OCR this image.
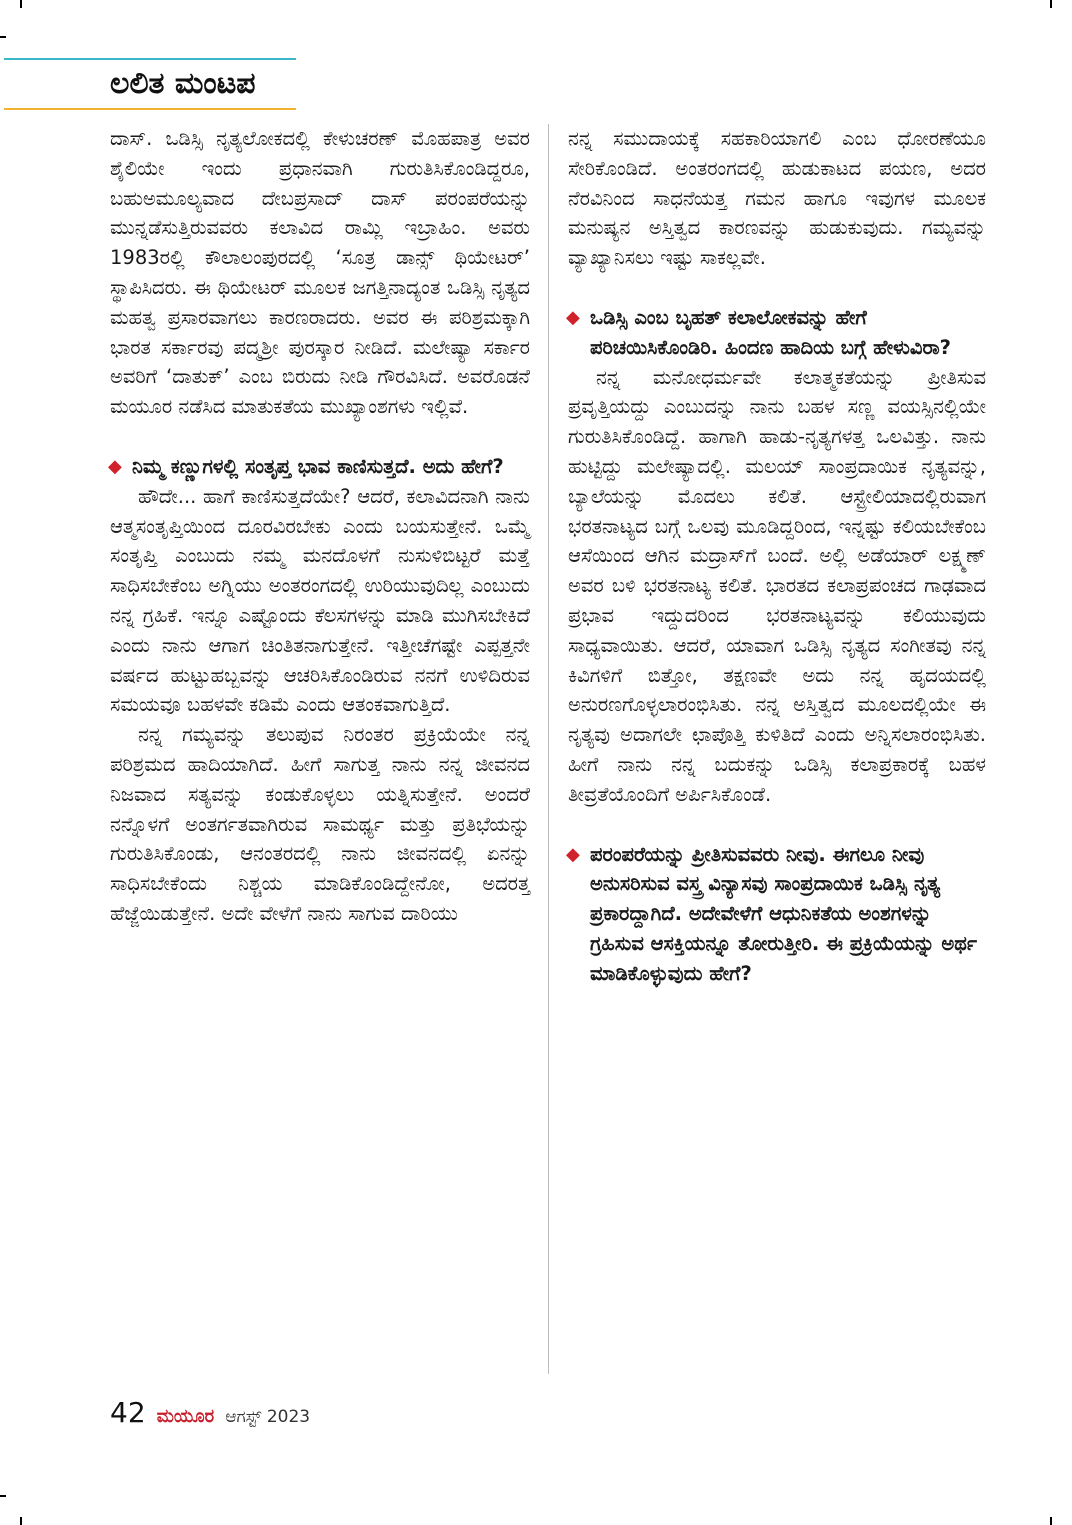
ಲಲಿತ ಮಂಟಪ

ದಾಸ್. ಒಡಿಸ್ಸಿ ನೃತ್ಯಲೋಕದಲ್ಲಿ ಕೇಳುಚರಣ್ ಮೊಹಪಾತ್ರ ಅವರ ಶೈಲಿಯೇ ಇಂದು ಪ್ರಧಾನವಾಗಿ ಗುರುತಿಸಿಕೊಂಡಿದ್ದರೂ, ಬಹುಅಮೂಲ್ಯವಾದ ದೇಬಪ್ರಸಾದ್ ದಾಸ್ ಪರಂಪರೆಯನ್ನು ಮುನ್ನಡೆಸುತ್ತಿರುವವರು ಕಲಾವಿದ ರಾಮ್ಲಿ ಇಬ್ರಾಹಿಂ. ಅವರು 1983ರಲ್ಲಿ ಕೌಲಾಲಂಪುರದಲ್ಲಿ ‘ಸೂತ್ರ ಡಾನ್ಸ್ ಥಿಯೇಟರ್’ ಸ್ಥಾಪಿಸಿದರು. ಈ ಥಿಯೇಟರ್ ಮೂಲಕ ಜಗತ್ತಿನಾದ್ಯಂತ ಒಡಿಸ್ಸಿ ನೃತ್ಯದ ಮಹತ್ವ ಪ್ರಸಾರವಾಗಲು ಕಾರಣರಾದರು. ಅವರ ಈ ಪರಿಶ್ರಮಕ್ಕಾಗಿ ಭಾರತ ಸರ್ಕಾರವು ಪದ್ಮಶ್ರೀ ಪುರಸ್ಕಾರ ನೀಡಿದೆ. ಮಲೇಷ್ಯಾ ಸರ್ಕಾರ ಅವರಿಗೆ ‘ದಾತುಕ್’ ಎಂಬ ಬಿರುದು ನೀಡಿ ಗೌರವಿಸಿದೆ. ಅವರೊಡನೆ ಮಯೂರ ನಡೆಸಿದ ಮಾತುಕತೆಯ ಮುಖ್ಯಾಂಶಗಳು ಇಲ್ಲಿವೆ.

◆ ನಿಮ್ಮ ಕಣ್ಣುಗಳಲ್ಲಿ ಸಂತೃಪ್ತ ಭಾವ ಕಾಣಿಸುತ್ತದೆ. ಅದು ಹೇಗೆ?

ಹೌದೇ... ಹಾಗೆ ಕಾಣಿಸುತ್ತದೆಯೇ? ಆದರೆ, ಕಲಾವಿದನಾಗಿ ನಾನು ಆತ್ಮಸಂತೃಪ್ತಿಯಿಂದ ದೂರವಿರಬೇಕು ಎಂದು ಬಯಸುತ್ತೇನೆ. ಒಮ್ಮೆ ಸಂತೃಪ್ತಿ ಎಂಬುದು ನಮ್ಮ ಮನದೊಳಗೆ ನುಸುಳಿಬಿಟ್ಟರೆ ಮತ್ತೆ ಸಾಧಿಸಬೇಕೆಂಬ ಅಗ್ನಿಯು ಅಂತರಂಗದಲ್ಲಿ ಉರಿಯುವುದಿಲ್ಲ ಎಂಬುದು ನನ್ನ ಗ್ರಹಿಕೆ. ಇನ್ನೂ ಎಷ್ಟೊಂದು ಕೆಲಸಗಳನ್ನು ಮಾಡಿ ಮುಗಿಸಬೇಕಿದೆ ಎಂದು ನಾನು ಆಗಾಗ ಚಿಂತಿತನಾಗುತ್ತೇನೆ. ಇತ್ತೀಚೆಗಷ್ಟೇ ಎಪ್ಪತ್ತನೇ ವರ್ಷದ ಹುಟ್ಟುಹಬ್ಬವನ್ನು ಆಚರಿಸಿಕೊಂಡಿರುವ ನನಗೆ ಉಳಿದಿರುವ ಸಮಯವೂ ಬಹಳವೇ ಕಡಿಮೆ ಎಂದು ಆತಂಕವಾಗುತ್ತಿದೆ.

ನನ್ನ ಗಮ್ಯವನ್ನು ತಲುಪುವ ನಿರಂತರ ಪ್ರಕ್ರಿಯೆಯೇ ನನ್ನ ಪರಿಶ್ರಮದ ಹಾದಿಯಾಗಿದೆ. ಹೀಗೆ ಸಾಗುತ್ತ ನಾನು ನನ್ನ ಜೀವನದ ನಿಜವಾದ ಸತ್ಯವನ್ನು ಕಂಡುಕೊಳ್ಳಲು ಯತ್ನಿಸುತ್ತೇನೆ. ಅಂದರೆ ನನ್ನೊಳಗೆ ಅಂತರ್ಗತವಾಗಿರುವ ಸಾಮರ್ಥ್ಯ ಮತ್ತು ಪ್ರತಿಭೆಯನ್ನು ಗುರುತಿಸಿಕೊಂಡು, ಆನಂತರದಲ್ಲಿ ನಾನು ಜೀವನದಲ್ಲಿ ಏನನ್ನು ಸಾಧಿಸಬೇಕೆಂದು ನಿಶ್ಚಯ ಮಾಡಿಕೊಂಡಿದ್ದೇನೋ, ಅದರತ್ತ ಹೆಜ್ಜೆಯಿಡುತ್ತೇನೆ. ಅದೇ ವೇಳೆಗೆ ನಾನು ಸಾಗುವ ದಾರಿಯು

ನನ್ನ ಸಮುದಾಯಕ್ಕೆ ಸಹಕಾರಿಯಾಗಲಿ ಎಂಬ ಧೋರಣೆಯೂ ಸೇರಿಕೊಂಡಿದೆ. ಅಂತರಂಗದಲ್ಲಿ ಹುಡುಕಾಟದ ಪಯಣ, ಅದರ ನೆರವಿನಿಂದ ಸಾಧನೆಯತ್ತ ಗಮನ ಹಾಗೂ ಇವುಗಳ ಮೂಲಕ ಮನುಷ್ಯನ ಅಸ್ತಿತ್ವದ ಕಾರಣವನ್ನು ಹುಡುಕುವುದು. ಗಮ್ಯವನ್ನು ವ್ಯಾಖ್ಯಾನಿಸಲು ಇಷ್ಟು ಸಾಕಲ್ಲವೇ.

◆ ಒಡಿಸ್ಸಿ ಎಂಬ ಬೃಹತ್ ಕಲಾಲೋಕವನ್ನು ಹೇಗೆ ಪರಿಚಯಿಸಿಕೊಂಡಿರಿ. ಹಿಂದಣ ಹಾದಿಯ ಬಗ್ಗೆ ಹೇಳುವಿರಾ?

ನನ್ನ ಮನೋಧರ್ಮವೇ ಕಲಾತ್ಮಕತೆಯನ್ನು ಪ್ರೀತಿಸುವ ಪ್ರವೃತ್ತಿಯದ್ದು ಎಂಬುದನ್ನು ನಾನು ಬಹಳ ಸಣ್ಣ ವಯಸ್ಸಿನಲ್ಲಿಯೇ ಗುರುತಿಸಿಕೊಂಡಿದ್ದೆ. ಹಾಗಾಗಿ ಹಾಡು-ನೃತ್ಯಗಳತ್ತ ಒಲವಿತ್ತು. ನಾನು ಹುಟ್ಟಿದ್ದು ಮಲೇಷ್ಯಾದಲ್ಲಿ. ಮಲಯ್ ಸಾಂಪ್ರದಾಯಿಕ ನೃತ್ಯವನ್ನು, ಬ್ಯಾಲೆಯನ್ನು ಮೊದಲು ಕಲಿತೆ. ಆಸ್ಟ್ರೇಲಿಯಾದಲ್ಲಿರುವಾಗ ಭರತನಾಟ್ಯದ ಬಗ್ಗೆ ಒಲವು ಮೂಡಿದ್ದರಿಂದ, ಇನ್ನಷ್ಟು ಕಲಿಯಬೇಕೆಂಬ ಆಸೆಯಿಂದ ಆಗಿನ ಮದ್ರಾಸ್‌ಗೆ ಬಂದೆ. ಅಲ್ಲಿ ಅಡೆಯಾರ್ ಲಕ್ಷ್ಮಣ್ ಅವರ ಬಳಿ ಭರತನಾಟ್ಯ ಕಲಿತೆ. ಭಾರತದ ಕಲಾಪ್ರಪಂಚದ ಗಾಢವಾದ ಪ್ರಭಾವ ಇದ್ದುದರಿಂದ ಭರತನಾಟ್ಯವನ್ನು ಕಲಿಯುವುದು ಸಾಧ್ಯವಾಯಿತು. ಆದರೆ, ಯಾವಾಗ ಒಡಿಸ್ಸಿ ನೃತ್ಯದ ಸಂಗೀತವು ನನ್ನ ಕಿವಿಗಳಿಗೆ ಬಿತ್ತೋ, ತಕ್ಷಣವೇ ಅದು ನನ್ನ ಹೃದಯದಲ್ಲಿ ಅನುರಣಗೊಳ್ಳಲಾರಂಭಿಸಿತು. ನನ್ನ ಅಸ್ತಿತ್ವದ ಮೂಲದಲ್ಲಿಯೇ ಈ ನೃತ್ಯವು ಅದಾಗಲೇ ಛಾಪೊತ್ತಿ ಕುಳಿತಿದೆ ಎಂದು ಅನ್ನಿಸಲಾರಂಭಿಸಿತು. ಹೀಗೆ ನಾನು ನನ್ನ ಬದುಕನ್ನು ಒಡಿಸ್ಸಿ ಕಲಾಪ್ರಕಾರಕ್ಕೆ ಬಹಳ ತೀವ್ರತೆಯೊಂದಿಗೆ ಅರ್ಪಿಸಿಕೊಂಡೆ.

◆ ಪರಂಪರೆಯನ್ನು ಪ್ರೀತಿಸುವವರು ನೀವು. ಈಗಲೂ ನೀವು ಅನುಸರಿಸುವ ವಸ್ತ್ರ ವಿನ್ಯಾಸವು ಸಾಂಪ್ರದಾಯಿಕ ಒಡಿಸ್ಸಿ ನೃತ್ಯ ಪ್ರಕಾರದ್ದಾಗಿದೆ. ಅದೇವೇಳೆಗೆ ಆಧುನಿಕತೆಯ ಅಂಶಗಳನ್ನು ಗ್ರಹಿಸುವ ಆಸಕ್ತಿಯನ್ನೂ ತೋರುತ್ತೀರಿ. ಈ ಪ್ರಕ್ರಿಯೆಯನ್ನು ಅರ್ಥ ಮಾಡಿಕೊಳ್ಳುವುದು ಹೇಗೆ?

42 ಮಯೂರ ಆಗಸ್ಟ್ 2023
